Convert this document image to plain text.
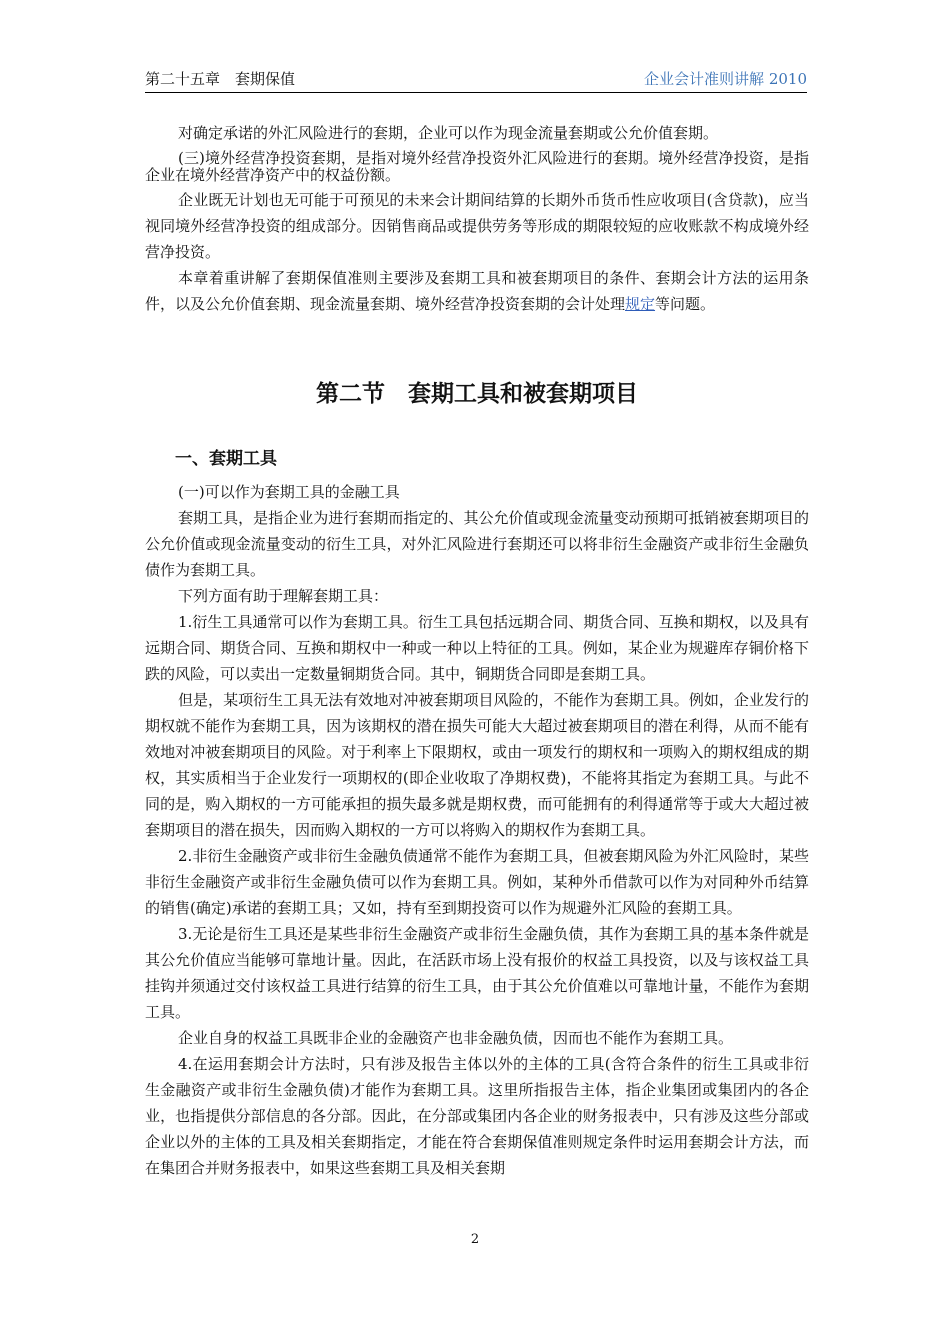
第二十五章　套期保值	企业会计准则讲解 2010

对确定承诺的外汇风险进行的套期，企业可以作为现金流量套期或公允价值套期。

(三)境外经营净投资套期，是指对境外经营净投资外汇风险进行的套期。境外经营净投资，是指企业在境外经营净资产中的权益份额。

企业既无计划也无可能于可预见的未来会计期间结算的长期外币货币性应收项目(含贷款)，应当视同境外经营净投资的组成部分。因销售商品或提供劳务等形成的期限较短的应收账款不构成境外经营净投资。

本章着重讲解了套期保值准则主要涉及套期工具和被套期项目的条件、套期会计方法的运用条件，以及公允价值套期、现金流量套期、境外经营净投资套期的会计处理规定等问题。

第二节　套期工具和被套期项目
一、套期工具

(一)可以作为套期工具的金融工具

套期工具，是指企业为进行套期而指定的、其公允价值或现金流量变动预期可抵销被套期项目的公允价值或现金流量变动的衍生工具，对外汇风险进行套期还可以将非衍生金融资产或非衍生金融负债作为套期工具。

下列方面有助于理解套期工具：

1.衍生工具通常可以作为套期工具。衍生工具包括远期合同、期货合同、互换和期权，以及具有远期合同、期货合同、互换和期权中一种或一种以上特征的工具。例如，某企业为规避库存铜价格下跌的风险，可以卖出一定数量铜期货合同。其中，铜期货合同即是套期工具。

但是，某项衍生工具无法有效地对冲被套期项目风险的，不能作为套期工具。例如，企业发行的期权就不能作为套期工具，因为该期权的潜在损失可能大大超过被套期项目的潜在利得，从而不能有效地对冲被套期项目的风险。对于利率上下限期权，或由一项发行的期权和一项购入的期权组成的期权，其实质相当于企业发行一项期权的(即企业收取了净期权费)，不能将其指定为套期工具。与此不同的是，购入期权的一方可能承担的损失最多就是期权费，而可能拥有的利得通常等于或大大超过被套期项目的潜在损失，因而购入期权的一方可以将购入的期权作为套期工具。

2.非衍生金融资产或非衍生金融负债通常不能作为套期工具，但被套期风险为外汇风险时，某些非衍生金融资产或非衍生金融负债可以作为套期工具。例如，某种外币借款可以作为对同种外币结算的销售(确定)承诺的套期工具；又如，持有至到期投资可以作为规避外汇风险的套期工具。

3.无论是衍生工具还是某些非衍生金融资产或非衍生金融负债，其作为套期工具的基本条件就是其公允价值应当能够可靠地计量。因此，在活跃市场上没有报价的权益工具投资，以及与该权益工具挂钩并须通过交付该权益工具进行结算的衍生工具，由于其公允价值难以可靠地计量，不能作为套期工具。

企业自身的权益工具既非企业的金融资产也非金融负债，因而也不能作为套期工具。

4.在运用套期会计方法时，只有涉及报告主体以外的主体的工具(含符合条件的衍生工具或非衍生金融资产或非衍生金融负债)才能作为套期工具。这里所指报告主体，指企业集团或集团内的各企业，也指提供分部信息的各分部。因此，在分部或集团内各企业的财务报表中，只有涉及这些分部或企业以外的主体的工具及相关套期指定，才能在符合套期保值准则规定条件时运用套期会计方法，而在集团合并财务报表中，如果这些套期工具及相关套期

2
